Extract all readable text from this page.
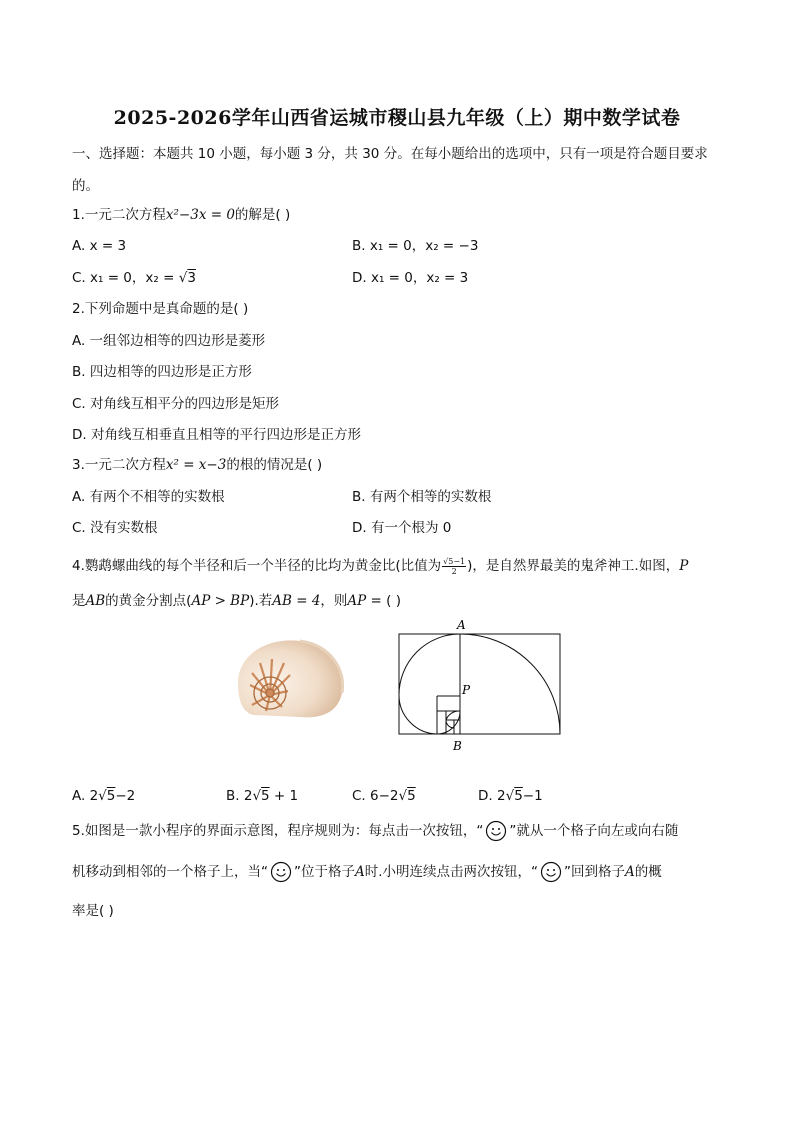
2025-2026学年山西省运城市稷山县九年级（上）期中数学试卷
一、选择题：本题共 10 小题，每小题 3 分，共 30 分。在每小题给出的选项中，只有一项是符合题目要求
的。
1.一元二次方程x²−3x = 0的解是( )
A. x = 3	B. x₁ = 0，x₂ = −3
C. x₁ = 0，x₂ = √3	D. x₁ = 0，x₂ = 3
2.下列命题中是真命题的是( )
A. 一组邻边相等的四边形是菱形
B. 四边相等的四边形是正方形
C. 对角线互相平分的四边形是矩形
D. 对角线互相垂直且相等的平行四边形是正方形
3.一元二次方程x² = x−3的根的情况是( )
A. 有两个不相等的实数根	B. 有两个相等的实数根
C. 没有实数根	D. 有一个根为 0
4.鹦鹉螺曲线的每个半径和后一个半径的比均为黄金比(比值为 $\frac{√5-1}{2}$ )，是自然界最美的鬼斧神工.如图，P
是AB的黄金分割点(AP > BP).若AB = 4，则AP = ( )
A
P
B
A. 2√5−2	B. 2√5 + 1	C. 6−2√5	D. 2√5−1
5.如图是一款小程序的界面示意图，程序规则为：每点击一次按钮，“ ”就从一个格子向左或向右随
机移动到相邻的一个格子上，当“ ”位于格子A时.小明连续点击两次按钮，“ ”回到格子A的概
率是( )
